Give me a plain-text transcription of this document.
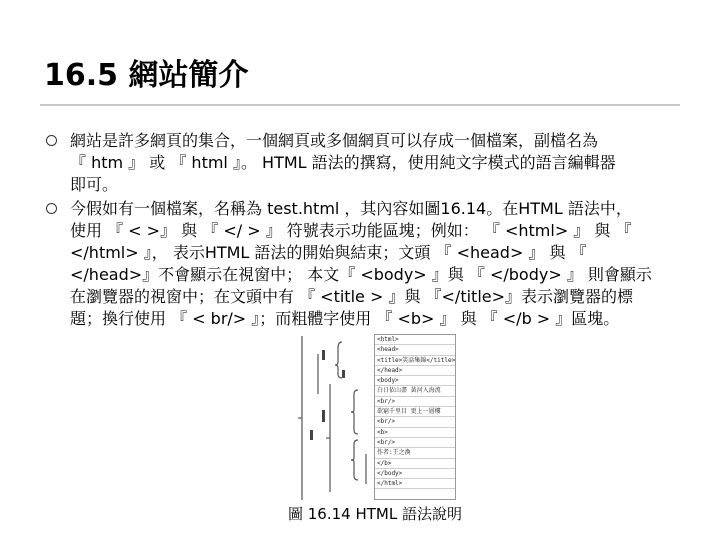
16.5 網站簡介
網站是許多網頁的集合，一個網頁或多個網頁可以存成一個檔案，副檔名為
『 htm 』 或 『 html 』。 HTML 語法的撰寫，使用純文字模式的語言編輯器
即可。
今假如有一個檔案，名稱為 test.html ，其內容如圖16.14。在HTML 語法中，
使用 『 < >』 與 『 </ > 』 符號表示功能區塊；例如： 『 <html> 』 與 『
</html> 』， 表示HTML 語法的開始與結束；文頭 『 <head> 』 與 『
</head>』不會顯示在視窗中； 本文『 <body> 』與 『 </body> 』 則會顯示
在瀏覽器的視窗中；在文頭中有 『 <title > 』與 『</title>』表示瀏覽器的標
題；換行使用 『 < br/> 』；而粗體字使用 『 <b> 』 與 『 </b > 』區塊。
<html>
<head>
<title>笑話集錦</title>
</head>
<body>
白日依山盡 黃河入海流
<br/>
欲窮千里目 更上一層樓
<br/>
<b>
<br/>
作者:王之渙
</b>
</body>
</html>
圖 16.14 HTML 語法說明
